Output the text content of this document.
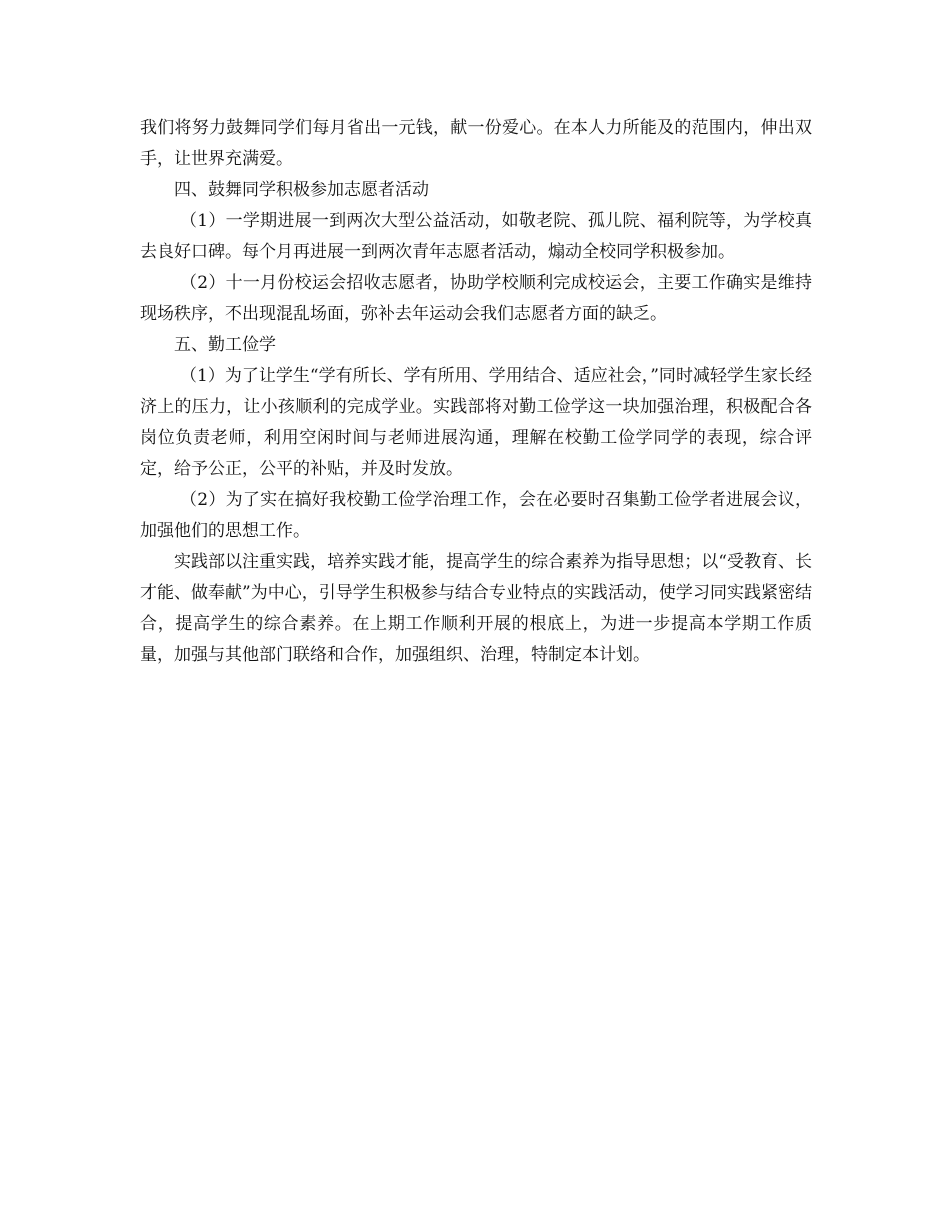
我们将努力鼓舞同学们每月省出一元钱，献一份爱心。在本人力所能及的范围内，伸出双手，让世界充满爱。

四、鼓舞同学积极参加志愿者活动

（1）一学期进展一到两次大型公益活动，如敬老院、孤儿院、福利院等，为学校真去良好口碑。每个月再进展一到两次青年志愿者活动，煽动全校同学积极参加。

（2）十一月份校运会招收志愿者，协助学校顺利完成校运会，主要工作确实是维持现场秩序，不出现混乱场面，弥补去年运动会我们志愿者方面的缺乏。

五、勤工俭学

（1）为了让学生“学有所长、学有所用、学用结合、适应社会，”同时减轻学生家长经济上的压力，让小孩顺利的完成学业。实践部将对勤工俭学这一块加强治理，积极配合各岗位负责老师，利用空闲时间与老师进展沟通，理解在校勤工俭学同学的表现，综合评定，给予公正，公平的补贴，并及时发放。

（2）为了实在搞好我校勤工俭学治理工作，会在必要时召集勤工俭学者进展会议，加强他们的思想工作。

实践部以注重实践，培养实践才能，提高学生的综合素养为指导思想；以“受教育、长才能、做奉献”为中心，引导学生积极参与结合专业特点的实践活动，使学习同实践紧密结合，提高学生的综合素养。在上期工作顺利开展的根底上，为进一步提高本学期工作质量，加强与其他部门联络和合作，加强组织、治理，特制定本计划。
